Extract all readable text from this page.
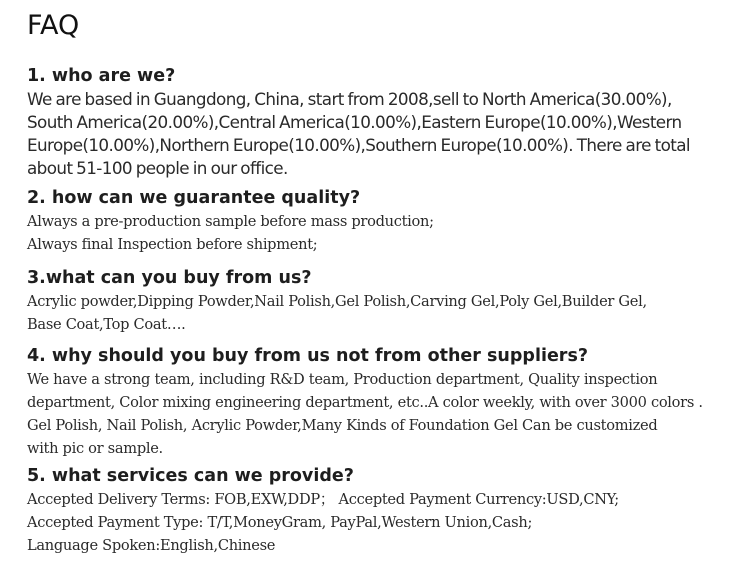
FAQ

1. who are we?

We are based in Guangdong, China, start from 2008,sell to North America(30.00%),
South America(20.00%),Central America(10.00%),Eastern Europe(10.00%),Western
Europe(10.00%),Northern Europe(10.00%),Southern Europe(10.00%). There are total
about 51-100 people in our office.

2. how can we guarantee quality?

Always a pre-production sample before mass production;
Always final Inspection before shipment;

3.what can you buy from us?

Acrylic powder,Dipping Powder,Nail Polish,Gel Polish,Carving Gel,Poly Gel,Builder Gel,
Base Coat,Top Coat….

4. why should you buy from us not from other suppliers?

We have a strong team, including R&D team, Production department, Quality inspection
department, Color mixing engineering department, etc..A color weekly, with over 3000 colors .
Gel Polish, Nail Polish, Acrylic Powder,Many Kinds of Foundation Gel Can be customized
with pic or sample.

5. what services can we provide?

Accepted Delivery Terms: FOB,EXW,DDP； Accepted Payment Currency:USD,CNY;
Accepted Payment Type: T/T,MoneyGram, PayPal,Western Union,Cash;
Language Spoken:English,Chinese
